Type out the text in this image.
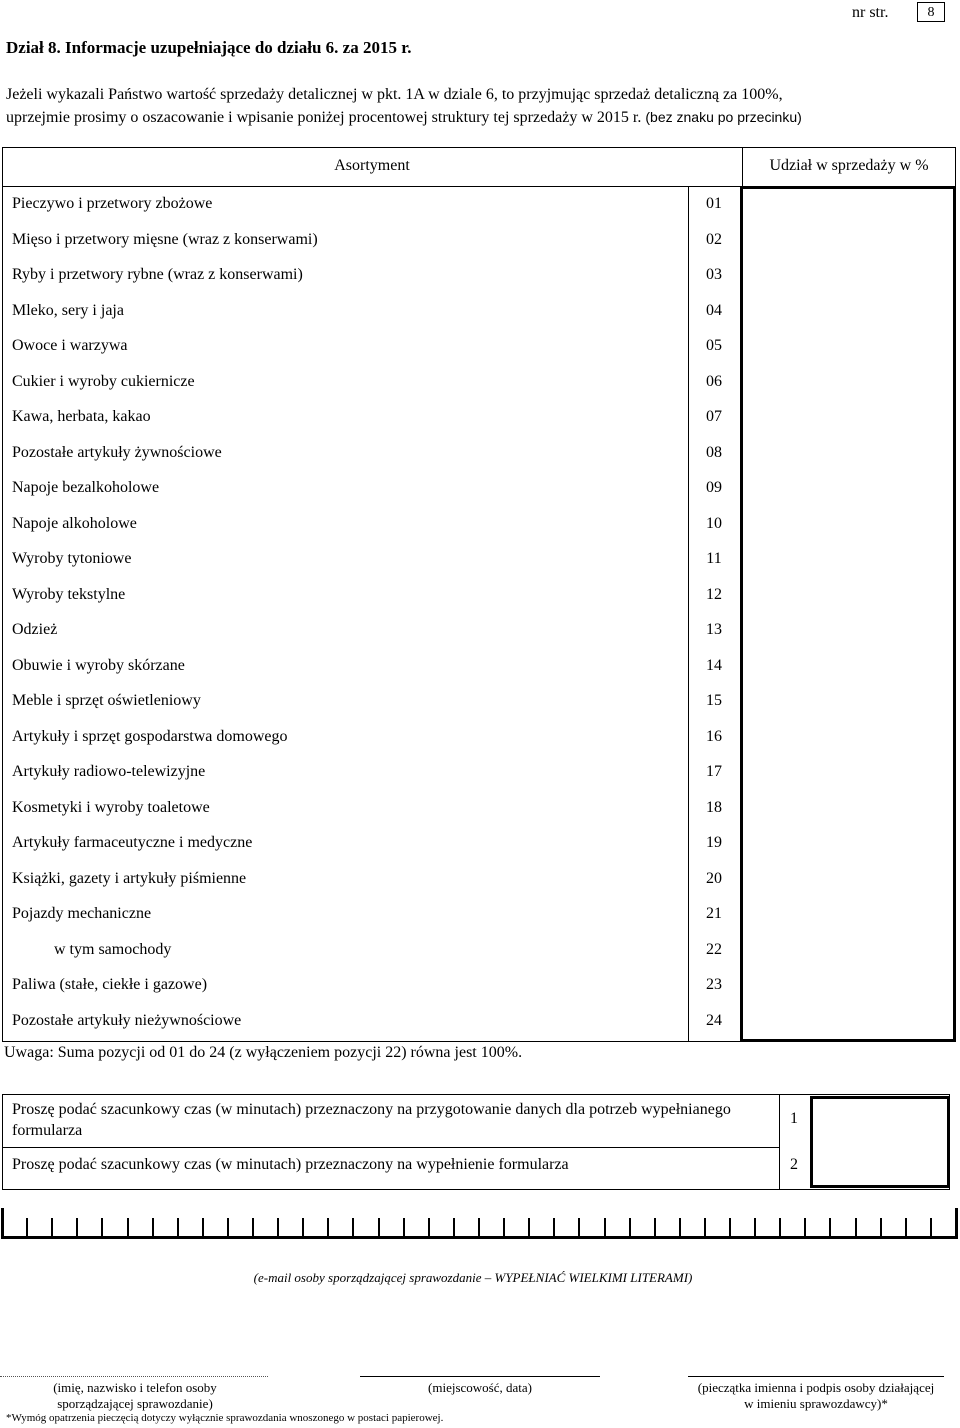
nr str.	8
Dział 8. Informacje uzupełniające do działu 6. za 2015 r.
Jeżeli wykazali Państwo wartość sprzedaży detalicznej w pkt. 1A w dziale 6, to przyjmując sprzedaż detaliczną za 100%,
uprzejmie prosimy o oszacowanie i wpisanie poniżej procentowej struktury tej sprzedaży w 2015 r. (bez znaku po przecinku)
Asortyment	Udział w sprzedaży w %
Pieczywo i przetwory zbożowe	01
Mięso i przetwory mięsne (wraz z konserwami)	02
Ryby i przetwory rybne (wraz z konserwami)	03
Mleko, sery i jaja	04
Owoce i warzywa	05
Cukier i wyroby cukiernicze	06
Kawa, herbata, kakao	07
Pozostałe artykuły żywnościowe	08
Napoje bezalkoholowe	09
Napoje alkoholowe	10
Wyroby tytoniowe	11
Wyroby tekstylne	12
Odzież	13
Obuwie i wyroby skórzane	14
Meble i sprzęt oświetleniowy	15
Artykuły i sprzęt gospodarstwa domowego	16
Artykuły radiowo-telewizyjne	17
Kosmetyki i wyroby toaletowe	18
Artykuły farmaceutyczne i medyczne	19
Książki, gazety i artykuły piśmienne	20
Pojazdy mechaniczne	21
w tym samochody	22
Paliwa (stałe, ciekłe i gazowe)	23
Pozostałe artykuły nieżywnościowe	24
Uwaga: Suma pozycji od 01 do 24 (z wyłączeniem pozycji 22) równa jest 100%.
Proszę podać szacunkowy czas (w minutach) przeznaczony na przygotowanie danych dla potrzeb wypełnianego formularza
1
Proszę podać szacunkowy czas (w minutach) przeznaczony na wypełnienie formularza	2
(e-mail osoby sporządzającej sprawozdanie – WYPEŁNIAĆ WIELKIMI LITERAMI)
(imię, nazwisko i telefon osoby sporządzającej sprawozdanie)
(miejscowość, data)	(pieczątka imienna i podpis osoby działającej w imieniu sprawozdawcy)*
*Wymóg opatrzenia pieczęcią dotyczy wyłącznie sprawozdania wnoszonego w postaci papierowej.
